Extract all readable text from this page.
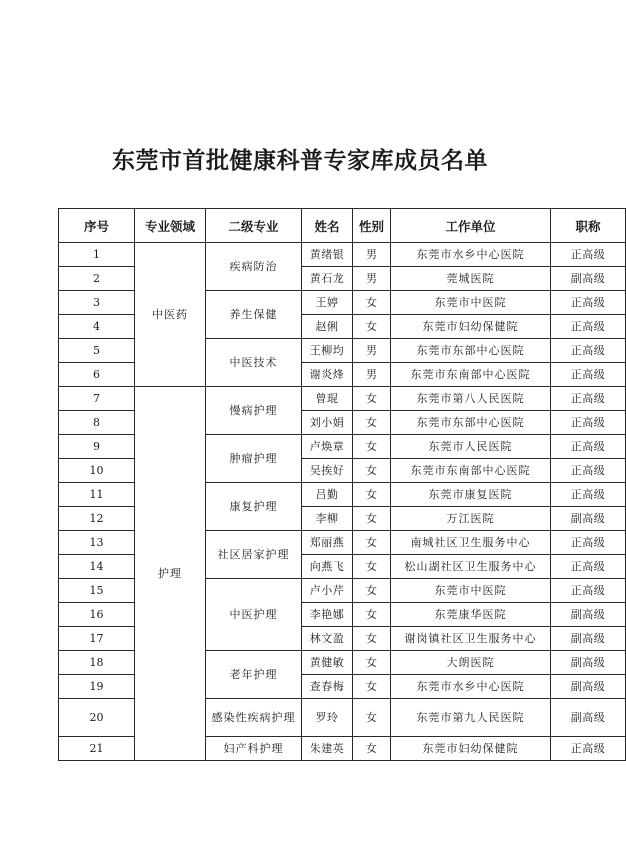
东莞市首批健康科普专家库成员名单
序号	专业领域	二级专业	姓名	性别	工作单位	职称
1	中医药	疾病防治	黄绪银	男	东莞市水乡中心医院	正高级
2			黄石龙	男	莞城医院	副高级
3		养生保健	王婷	女	东莞市中医院	正高级
4			赵俐	女	东莞市妇幼保健院	正高级
5		中医技术	王柳均	男	东莞市东部中心医院	正高级
6			谢炎烽	男	东莞市东南部中心医院	正高级
7	护理	慢病护理	曾琨	女	东莞市第八人民医院	正高级
8			刘小娟	女	东莞市东部中心医院	正高级
9		肿瘤护理	卢焕章	女	东莞市人民医院	正高级
10			吴挨好	女	东莞市东南部中心医院	正高级
11		康复护理	吕勤	女	东莞市康复医院	正高级
12			李柳	女	万江医院	副高级
13		社区居家护理	郑丽燕	女	南城社区卫生服务中心	正高级
14			向燕飞	女	松山湖社区卫生服务中心	正高级
15		中医护理	卢小芹	女	东莞市中医院	正高级
16			李艳娜	女	东莞康华医院	副高级
17			林文盈	女	谢岗镇社区卫生服务中心	副高级
18		老年护理	黄健敏	女	大朗医院	副高级
19			查春梅	女	东莞市水乡中心医院	副高级
20		感染性疾病护理	罗玲	女	东莞市第九人民医院	副高级
21		妇产科护理	朱建英	女	东莞市妇幼保健院	正高级
